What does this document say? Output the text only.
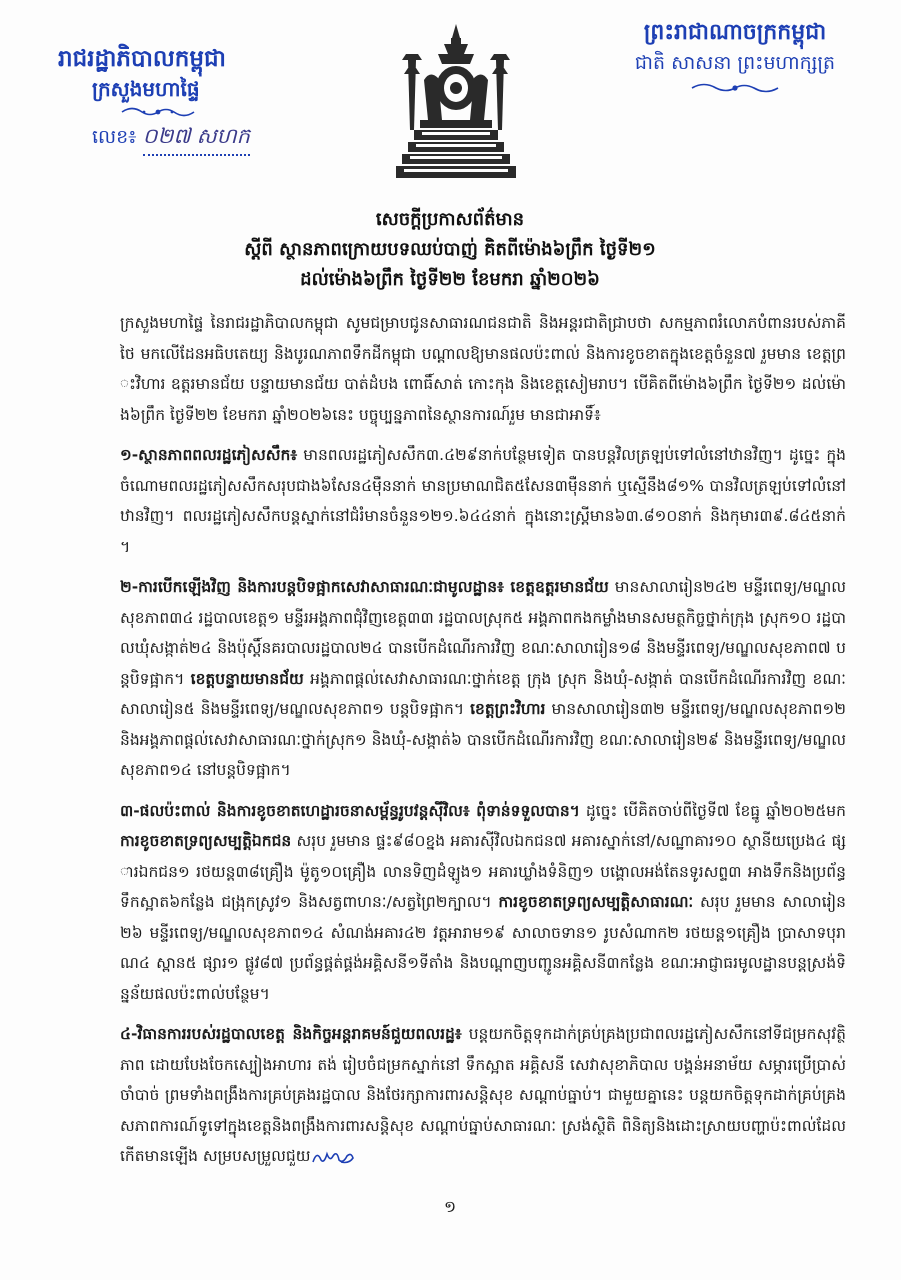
រាជរដ្ឋាភិបាលកម្ពុជា
ក្រសួងមហាផ្ទៃ
លេខ៖ ០២៧ សហក
ព្រះរាជាណាចក្រកម្ពុជា
ជាតិ សាសនា ព្រះមហាក្សត្រ
សេចក្តីប្រកាសព័ត៌មាន
ស្តីពី ស្ថានភាពក្រោយបទឈប់បាញ់ គិតពីម៉ោង៦ព្រឹក ថ្ងៃទី២១
ដល់ម៉ោង៦ព្រឹក ថ្ងៃទី២២ ខែមករា ឆ្នាំ២០២៦

ក្រសួងមហាផ្ទៃ នៃរាជរដ្ឋាភិបាលកម្ពុជា សូមជម្រាបជូនសាធារណជនជាតិ និងអន្តរជាតិជ្រាបថា សកម្មភាពរំលោភបំពានរបស់ភាគីថៃ មកលើដែនអធិបតេយ្យ និងបូរណភាពទឹកដីកម្ពុជា បណ្តាលឱ្យមានផលប៉ះពាល់ និងការខូចខាតក្នុងខេត្តចំនួន៧ រួមមាន ខេត្តព្រះវិហារ ឧត្តរមានជ័យ បន្ទាយមានជ័យ បាត់ដំបង ពោធិ៍សាត់ កោះកុង និងខេត្តសៀមរាប។ បើគិតពីម៉ោង៦ព្រឹក ថ្ងៃទី២១ ដល់ម៉ោង៦ព្រឹក ថ្ងៃទី២២ ខែមករា ឆ្នាំ២០២៦នេះ បច្ចុប្បន្នភាពនៃស្ថានការណ៍រួម មានជាអាទិ៍៖

១-ស្ថានភាពពលរដ្ឋភៀសសឹក៖ មានពលរដ្ឋភៀសសឹក៣.៤២៩នាក់បន្ថែមទៀត បានបន្តវិលត្រឡប់ទៅលំនៅឋានវិញ។ ដូច្នេះ ក្នុងចំណោមពលរដ្ឋភៀសសឹកសរុបជាង៦សែន៤ម៉ឺននាក់ មានប្រមាណជិត៥សែន៣ម៉ឺននាក់ ឬស្មើនឹង៨១% បានវិលត្រឡប់ទៅលំនៅឋានវិញ។ ពលរដ្ឋភៀសសឹកបន្តស្នាក់នៅជំរំមានចំនួន១២១.៦៤៤នាក់ ក្នុងនោះស្ត្រីមាន៦៣.៨១០នាក់ និងកុមារ៣៩.៨៤៥នាក់។

២-ការបើកឡើងវិញ និងការបន្តបិទផ្អាកសេវាសាធារណៈជាមូលដ្ឋាន៖ ខេត្តឧត្តរមានជ័យ មានសាលារៀន២៤២ មន្ទីរពេទ្យ/មណ្ឌលសុខភាព៣៤ រដ្ឋបាលខេត្ត១ មន្ទីរអង្គភាពជុំវិញខេត្ត៣៣ រដ្ឋបាលស្រុក៥ អង្គភាពកងកម្លាំងមានសមត្ថកិច្ចថ្នាក់ក្រុង ស្រុក១០ រដ្ឋបាលឃុំសង្កាត់២៤ និងប៉ុស្តិ៍នគរបាលរដ្ឋបាល២៤ បានបើកដំណើរការវិញ ខណៈសាលារៀន១៨ និងមន្ទីរពេទ្យ/មណ្ឌលសុខភាព៧ បន្តបិទផ្អាក។ ខេត្តបន្ទាយមានជ័យ អង្គភាពផ្តល់សេវាសាធារណៈថ្នាក់ខេត្ត ក្រុង ស្រុក និងឃុំ-សង្កាត់ បានបើកដំណើរការវិញ ខណៈសាលារៀន៥ និងមន្ទីរពេទ្យ/មណ្ឌលសុខភាព១ បន្តបិទផ្អាក។ ខេត្តព្រះវិហារ មានសាលារៀន៣២ មន្ទីរពេទ្យ/មណ្ឌលសុខភាព១២ និងអង្គភាពផ្តល់សេវាសាធារណៈថ្នាក់ស្រុក១ និងឃុំ-សង្កាត់៦ បានបើកដំណើរការវិញ ខណៈសាលារៀន២៩ និងមន្ទីរពេទ្យ/មណ្ឌលសុខភាព១៤ នៅបន្តបិទផ្អាក។

៣-ផលប៉ះពាល់ និងការខូចខាតហេដ្ឋារចនាសម្ព័ន្ធរូបវន្តស៊ីវិល៖ ពុំទាន់ទទួលបាន។ ដូច្នេះ បើគិតចាប់ពីថ្ងៃទី៧ ខែធ្នូ ឆ្នាំ២០២៥មក ការខូចខាតទ្រព្យសម្បត្តិឯកជន សរុប រួមមាន ផ្ទះ៩៨០ខ្នង អគារស៊ីវិលឯកជន៧ អគារស្នាក់នៅ/សណ្ឋាគារ១០ ស្ថានីយប្រេង៤ ផ្សារឯកជន១ រថយន្ត៣៨គ្រឿង ម៉ូតូ១០គ្រឿង លានទិញដំឡូង១ អគារឃ្លាំងទំនិញ១ បង្គោលអង់តែនទូរសព្ទ៣ អាងទឹកនិងប្រព័ន្ធទឹកស្អាត៦កន្លែង ជង្រុកស្រូវ១ និងសត្វពាហនៈ/សត្វព្រៃ២ក្បាល។ ការខូចខាតទ្រព្យសម្បត្តិសាធារណៈ សរុប រួមមាន សាលារៀន២៦ មន្ទីរពេទ្យ/មណ្ឌលសុខភាព១៤ សំណង់អគារ៤២ វត្តអារាម១៩ សាលាចទាន១ រូបសំណាក២ រថយន្ត១គ្រឿង ប្រាសាទបុរាណ៤ ស្ពាន៥ ផ្សារ១ ផ្លូវ៨៧ ប្រព័ន្ធផ្គត់ផ្គង់អគ្គិសនី១ទីតាំង និងបណ្តាញបញ្ជូនអគ្គិសនី៣កន្លែង ខណៈអាជ្ញាធរមូលដ្ឋានបន្តស្រង់ទិន្នន័យផលប៉ះពាល់បន្ថែម។

៤-វិធានការរបស់រដ្ឋបាលខេត្ត និងកិច្ចអន្តរាគមន៍ជួយពលរដ្ឋ៖ បន្តយកចិត្តទុកដាក់គ្រប់គ្រងប្រជាពលរដ្ឋភៀសសឹកនៅទីជម្រកសុវត្ថិភាព ដោយបែងចែកស្បៀងអាហារ តង់ រៀបចំជម្រកស្នាក់នៅ ទឹកស្អាត អគ្គិសនី សេវាសុខាភិបាល បង្គន់អនាម័យ សម្ភារប្រើប្រាស់ចាំបាច់ ព្រមទាំងពង្រឹងការគ្រប់គ្រងរដ្ឋបាល និងថែរក្សាការពារសន្តិសុខ សណ្តាប់ធ្នាប់។ ជាមួយគ្នានេះ បន្តយកចិត្តទុកដាក់គ្រប់គ្រងសភាពការណ៍ទូទៅក្នុងខេត្តនិងពង្រឹងការពារសន្តិសុខ សណ្តាប់ធ្នាប់សាធារណៈ ស្រង់ស្ថិតិ ពិនិត្យនិងដោះស្រាយបញ្ហាប៉ះពាល់ដែលកើតមានឡើង សម្របសម្រួលជួយ

១
